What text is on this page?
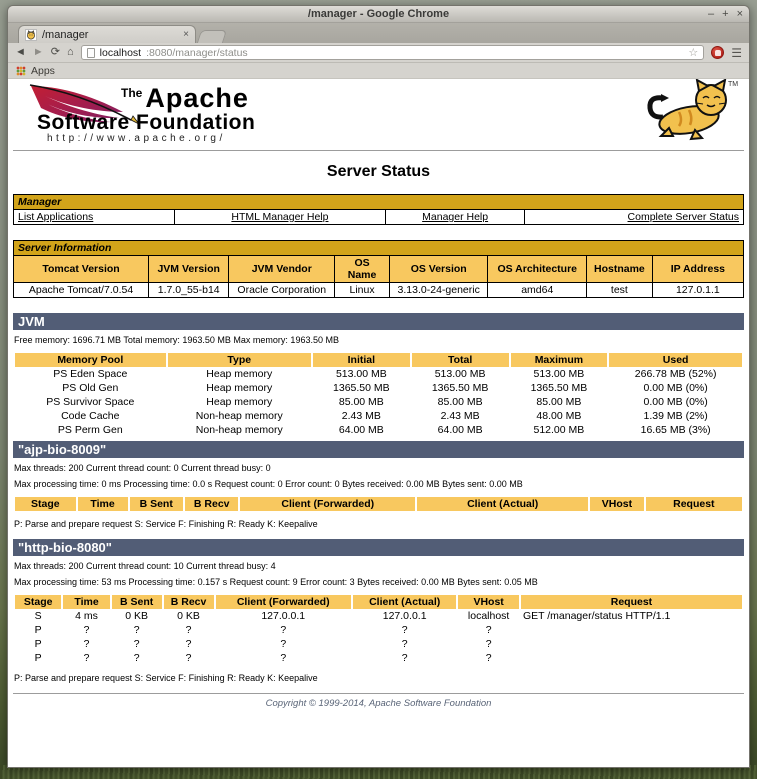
/manager - Google Chrome	– + ×
/manager	×
◄ ► ⟳ ⌂ localhost :8080/manager/status	☆	☰
Apps
The Apache
Software Foundation
http://www.apache.org/
TM
Server Status
Manager
List Applications	HTML Manager Help	Manager Help	Complete Server Status
Server Information							
Tomcat Version	JVM Version	JVM Vendor	OS Name	OS Version	OS Architecture	Hostname	IP Address
Apache Tomcat/7.0.54	1.7.0_55-b14	Oracle Corporation	Linux	3.13.0-24-generic	amd64	test	127.0.1.1
JVM

Free memory: 1696.71 MB Total memory: 1963.50 MB Max memory: 1963.50 MB

Memory Pool	Type	Initial	Total	Maximum	Used
PS Eden Space	Heap memory	513.00 MB	513.00 MB	513.00 MB	266.78 MB (52%)
PS Old Gen	Heap memory	1365.50 MB	1365.50 MB	1365.50 MB	0.00 MB (0%)
PS Survivor Space	Heap memory	85.00 MB	85.00 MB	85.00 MB	0.00 MB (0%)
Code Cache	Non-heap memory	2.43 MB	2.43 MB	48.00 MB	1.39 MB (2%)
PS Perm Gen	Non-heap memory	64.00 MB	64.00 MB	512.00 MB	16.65 MB (3%)
"ajp-bio-8009"

Max threads: 200 Current thread count: 0 Current thread busy: 0

Max processing time: 0 ms Processing time: 0.0 s Request count: 0 Error count: 0 Bytes received: 0.00 MB Bytes sent: 0.00 MB

Stage	Time	B Sent	B Recv	Client (Forwarded)	Client (Actual)	VHost	Request

P: Parse and prepare request S: Service F: Finishing R: Ready K: Keepalive

"http-bio-8080"

Max threads: 200 Current thread count: 10 Current thread busy: 4

Max processing time: 53 ms Processing time: 0.157 s Request count: 9 Error count: 3 Bytes received: 0.00 MB Bytes sent: 0.05 MB

Stage	Time	B Sent	B Recv	Client (Forwarded)	Client (Actual)	VHost	Request
S	4 ms	0 KB	0 KB	127.0.0.1	127.0.0.1	localhost	GET /manager/status HTTP/1.1
P	?	?	?	?	?	?	
P	?	?	?	?	?	?	
P	?	?	?	?	?	?	

P: Parse and prepare request S: Service F: Finishing R: Ready K: Keepalive

Copyright © 1999-2014, Apache Software Foundation
